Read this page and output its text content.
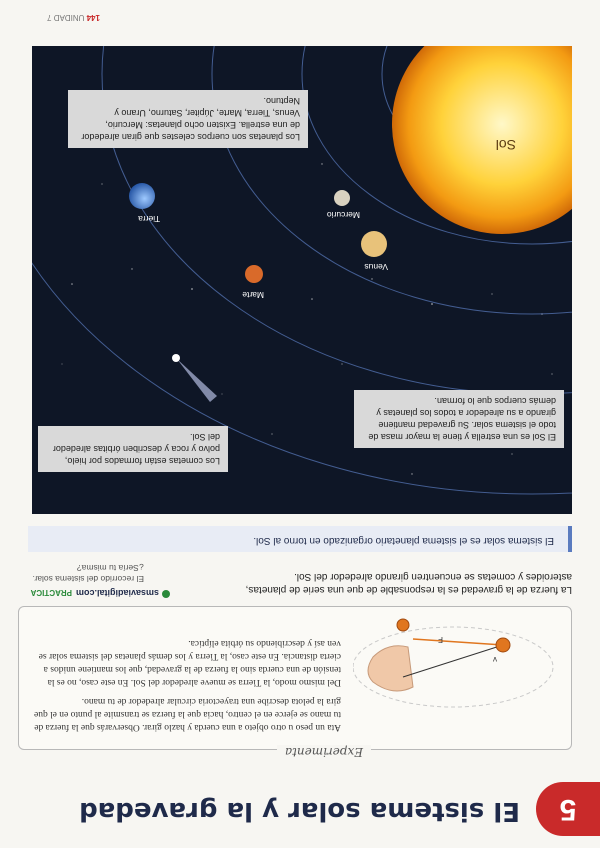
5
El sistema solar y la gravedad
Experimenta
F
v

Ata un peso u otro objeto a una cuerda y hazlo girar. Observarás que la fuerza de tu mano se ejerce en el centro, hacia que la fuerza se transmite al punto en el que gira la pelota describe una trayectoria circular alrededor de tu mano.

Del mismo modo, la Tierra se mueve alrededor del Sol. En este caso, no es la tensión de una cuerda sino la fuerza de la gravedad, que los mantiene unidos a cierta distancia. En este caso, la Tierra y los demás planetas del sistema solar se ven así y describiendo su órbita elíptica.

La fuerza de la gravedad es la responsable de que una serie de planetas, asteroides y cometas se encuentren girando alrededor del Sol.
smsaviadigital.comPRACTICA
El recorrido del sistema solar. ¿Sería tu misma?
El sistema solar es el sistema planetario organizado en torno al Sol.
Sol
Mercurio
Venus
Tierra
Marte
El Sol es una estrella y tiene la mayor masa de todo el sistema solar. Su gravedad mantiene girando a su alrededor a todos los planetas y demás cuerpos que lo forman.
Los cometas están formados por hielo, polvo y roca y describen órbitas alrededor del Sol.
Los planetas son cuerpos celestes que giran alrededor de una estrella. Existen ocho planetas: Mercurio, Venus, Tierra, Marte, Júpiter, Saturno, Urano y Neptuno.
144 UNIDAD 7
